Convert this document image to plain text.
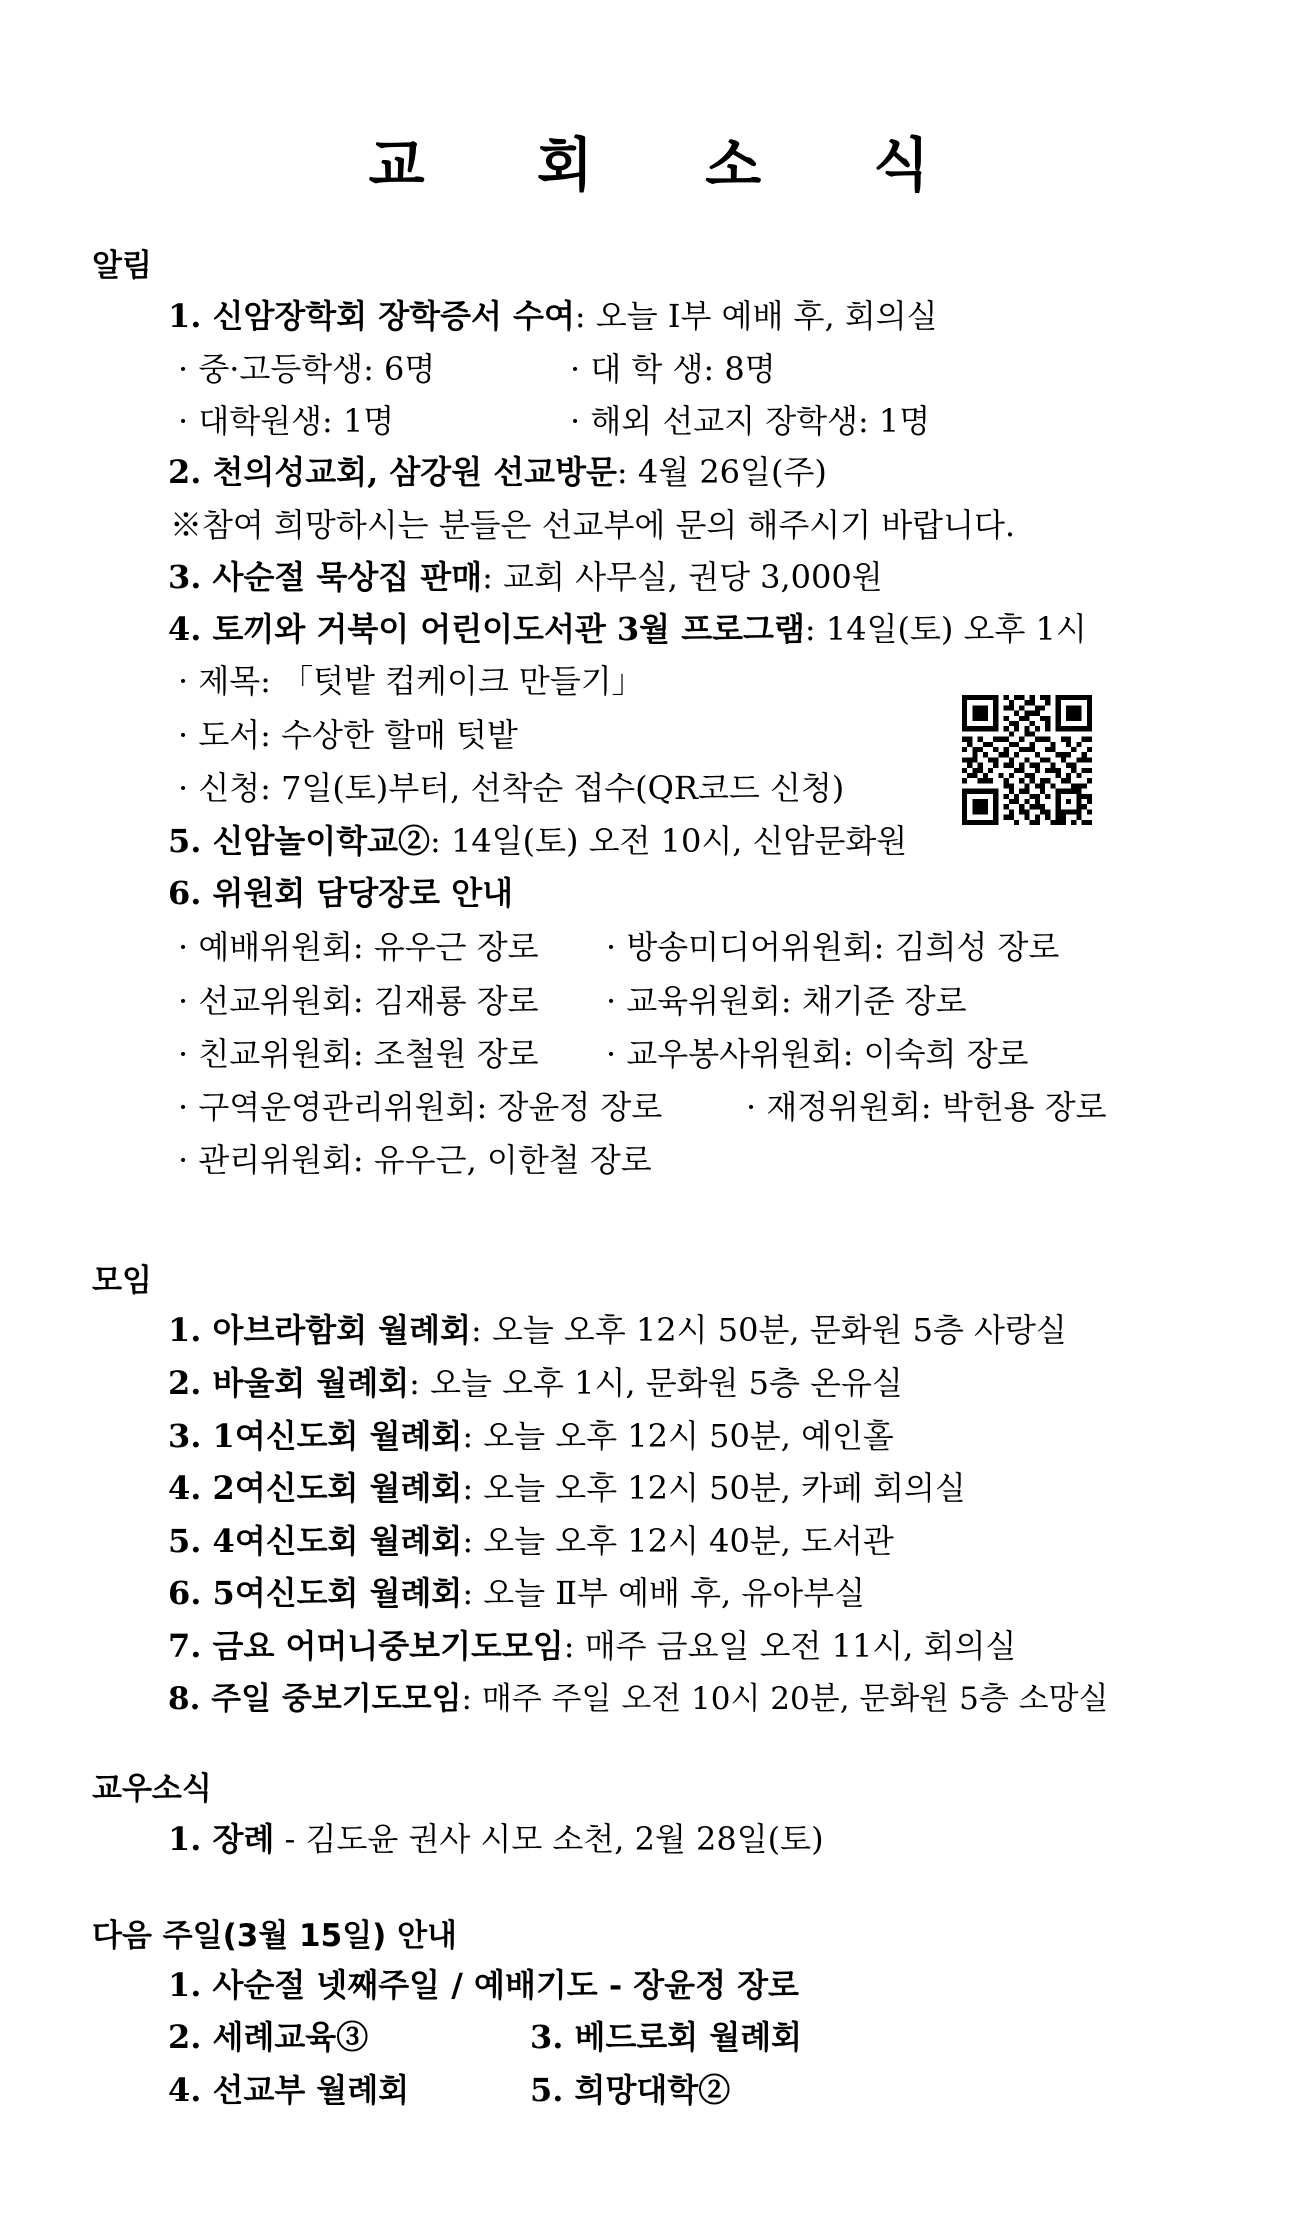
교 회 소 식
알림
1. 신암장학회 장학증서 수여: 오늘 Ⅰ부 예배 후, 회의실
· 중·고등학생: 6명	· 대 학 생: 8명
· 대학원생: 1명	· 해외 선교지 장학생: 1명
2. 천의성교회, 삼강원 선교방문: 4월 26일(주)
※참여 희망하시는 분들은 선교부에 문의 해주시기 바랍니다.
3. 사순절 묵상집 판매: 교회 사무실, 권당 3,000원
4. 토끼와 거북이 어린이도서관 3월 프로그램: 14일(토) 오후 1시
· 제목: 「텃밭 컵케이크 만들기」
· 도서: 수상한 할매 텃밭
· 신청: 7일(토)부터, 선착순 접수(QR코드 신청)
5. 신암놀이학교②: 14일(토) 오전 10시, 신암문화원
6. 위원회 담당장로 안내
· 예배위원회: 유우근 장로 · 방송미디어위원회: 김희성 장로
· 선교위원회: 김재룡 장로 · 교육위원회: 채기준 장로
· 친교위원회: 조철원 장로 · 교우봉사위원회: 이숙희 장로
· 구역운영관리위원회: 장윤정 장로	· 재정위원회: 박헌용 장로
· 관리위원회: 유우근, 이한철 장로
모임
1. 아브라함회 월례회: 오늘 오후 12시 50분, 문화원 5층 사랑실
2. 바울회 월례회: 오늘 오후 1시, 문화원 5층 온유실
3. 1여신도회 월례회: 오늘 오후 12시 50분, 예인홀
4. 2여신도회 월례회: 오늘 오후 12시 50분, 카페 회의실
5. 4여신도회 월례회: 오늘 오후 12시 40분, 도서관
6. 5여신도회 월례회: 오늘 Ⅱ부 예배 후, 유아부실
7. 금요 어머니중보기도모임: 매주 금요일 오전 11시, 회의실
8. 주일 중보기도모임: 매주 주일 오전 10시 20분, 문화원 5층 소망실
교우소식
1. 장례 - 김도윤 권사 시모 소천, 2월 28일(토)
다음 주일(3월 15일) 안내
1. 사순절 넷째주일 / 예배기도 - 장윤정 장로
2. 세례교육③	3. 베드로회 월례회
4. 선교부 월례회	5. 희망대학②
